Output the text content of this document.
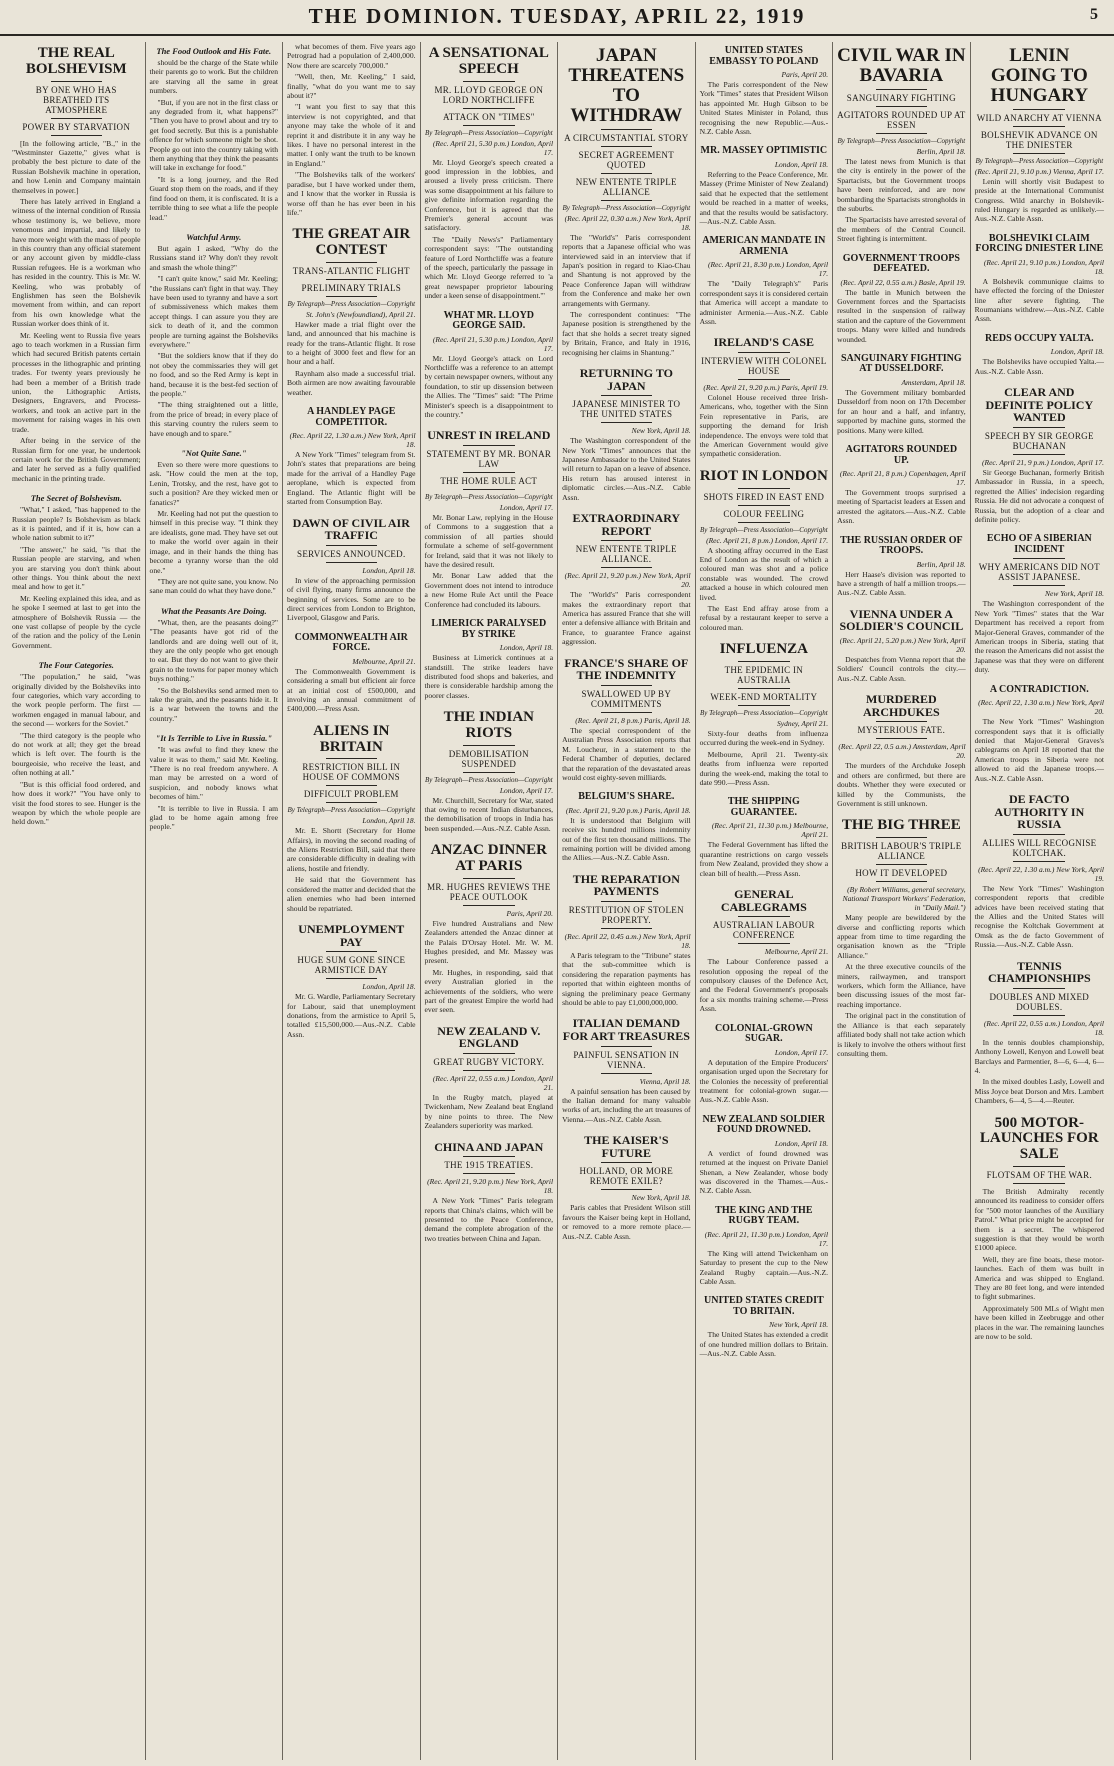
THE DOMINION. TUESDAY, APRIL 22, 1919	5
THE REAL BOLSHEVISM
BY ONE WHO HAS BREATHED ITS ATMOSPHERE
POWER BY STARVATION

[In the following article, "B.," in the "Westminster Gazette," gives what is probably the best picture to date of the Russian Bolshevik machine in operation, and how Lenin and Company maintain themselves in power.]

There has lately arrived in England a witness of the internal condition of Russia whose testimony is, we believe, more venomous and impartial, and likely to have more weight with the mass of people in this country than any official statement or any account given by middle-class Russian refugees. He is a workman who has resided in the country. This is Mr. W. Keeling, who was probably of Englishmen has seen the Bolshevik movement from within, and can report from his own knowledge what the Russian worker does think of it.

Mr. Keeling went to Russia five years ago to teach workmen in a Russian firm which had secured British patents certain processes in the lithographic and printing trades. For twenty years previously he had been a member of a British trade union, the Lithographic Artists, Designers, Engravers, and Process-workers, and took an active part in the movement for raising wages in his own trade.

After being in the service of the Russian firm for one year, he undertook certain work for the British Government; and later he served as a fully qualified mechanic in the printing trade.

The Secret of Bolshevism.

"What," I asked, "has happened to the Russian people? Is Bolshevism as black as it is painted, and if it is, how can a whole nation submit to it?"

"The answer," he said, "is that the Russian people are starving, and when you are starving you don't think about other things. You think about the next meal and how to get it."

Mr. Keeling explained this idea, and as he spoke I seemed at last to get into the atmosphere of Bolshevik Russia — the one vast collapse of people by the cycle of the ration and the policy of the Lenin Government.

The Four Categories.

"The population," he said, "was originally divided by the Bolsheviks into four categories, which vary according to the work people perform. The first — workmen engaged in manual labour, and the second — workers for the Soviet."

"The third category is the people who do not work at all; they get the bread which is left over. The fourth is the bourgeoisie, who receive the least, and often nothing at all."

"But is this official food ordered, and how does it work?" "You have only to visit the food stores to see. Hunger is the weapon by which the whole people are held down."

The Food Outlook and His Fate.

should be the charge of the State while their parents go to work. But the children are starving all the same in great numbers.

"But, if you are not in the first class or any degraded from it, what happens?" "Then you have to prowl about and try to get food secretly. But this is a punishable offence for which someone might be shot. People go out into the country taking with them anything that they think the peasants will take in exchange for food."

"It is a long journey, and the Red Guard stop them on the roads, and if they find food on them, it is confiscated. It is a terrible thing to see what a life the people lead."

Watchful Army.

But again I asked, "Why do the Russians stand it? Why don't they revolt and smash the whole thing?"

"I can't quite know," said Mr. Keeling; "the Russians can't fight in that way. They have been used to tyranny and have a sort of submissiveness which makes them accept things. I can assure you they are sick to death of it, and the common people are turning against the Bolsheviks everywhere."

"But the soldiers know that if they do not obey the commissaries they will get no food, and so the Red Army is kept in hand, because it is the best-fed section of the people."

"The thing straightened out a little, from the price of bread; in every place of this starving country the rulers seem to have enough and to spare."

"Not Quite Sane."

Even so there were more questions to ask. "How could the men at the top, Lenin, Trotsky, and the rest, have got to such a position? Are they wicked men or fanatics?"

Mr. Keeling had not put the question to himself in this precise way. "I think they are idealists, gone mad. They have set out to make the world over again in their image, and in their hands the thing has become a tyranny worse than the old one."

"They are not quite sane, you know. No sane man could do what they have done."

What the Peasants Are Doing.

"What, then, are the peasants doing?" "The peasants have got rid of the landlords and are doing well out of it, they are the only people who get enough to eat. But they do not want to give their grain to the towns for paper money which buys nothing."

"So the Bolsheviks send armed men to take the grain, and the peasants hide it. It is a war between the towns and the country."

"It Is Terrible to Live in Russia."

"It was awful to find they knew the value it was to them," said Mr. Keeling. "There is no real freedom anywhere. A man may be arrested on a word of suspicion, and nobody knows what becomes of him."

"It is terrible to live in Russia. I am glad to be home again among free people."

what becomes of them. Five years ago Petrograd had a population of 2,400,000. Now there are scarcely 700,000."

"Well, then, Mr. Keeling," I said, finally, "what do you want me to say about it?"

"I want you first to say that this interview is not copyrighted, and that anyone may take the whole of it and reprint it and distribute it in any way he likes. I have no personal interest in the matter. I only want the truth to be known in England."

"The Bolsheviks talk of the workers' paradise, but I have worked under them, and I know that the worker in Russia is worse off than he has ever been in his life."

THE GREAT AIR CONTEST
TRANS-ATLANTIC FLIGHT
PRELIMINARY TRIALS
By Telegraph—Press Association—Copyright
St. John's (Newfoundland), April 21.

Hawker made a trial flight over the land, and announced that his machine is ready for the trans-Atlantic flight. It rose to a height of 3000 feet and flew for an hour and a half.

Raynham also made a successful trial. Both airmen are now awaiting favourable weather.

A HANDLEY PAGE COMPETITOR.
(Rec. April 22, 1.30 a.m.) New York, April 18.

A New York "Times" telegram from St. John's states that preparations are being made for the arrival of a Handley Page aeroplane, which is expected from England. The Atlantic flight will be started from Consumption Bay.

DAWN OF CIVIL AIR TRAFFIC
SERVICES ANNOUNCED.
London, April 18.

In view of the approaching permission of civil flying, many firms announce the beginning of services. Some are to be direct services from London to Brighton, Liverpool, Glasgow and Paris.

COMMONWEALTH AIR FORCE.
Melbourne, April 21.

The Commonwealth Government is considering a small but efficient air force at an initial cost of £500,000, and involving an annual commitment of £400,000.—Press Assn.

ALIENS IN BRITAIN
RESTRICTION BILL IN HOUSE OF COMMONS
DIFFICULT PROBLEM
By Telegraph—Press Association—Copyright
London, April 18.

Mr. E. Shortt (Secretary for Home Affairs), in moving the second reading of the Aliens Restriction Bill, said that there are considerable difficulty in dealing with aliens, hostile and friendly.

He said that the Government has considered the matter and decided that the alien enemies who had been interned should be repatriated.

UNEMPLOYMENT PAY
HUGE SUM GONE SINCE ARMISTICE DAY
London, April 18.

Mr. G. Wardle, Parliamentary Secretary for Labour, said that unemployment donations, from the armistice to April 5, totalled £15,500,000.—Aus.-N.Z. Cable Assn.

A SENSATIONAL SPEECH
MR. LLOYD GEORGE ON LORD NORTHCLIFFE
ATTACK ON "TIMES"
By Telegraph—Press Association—Copyright
(Rec. April 21, 5.30 p.m.) London, April 17.

Mr. Lloyd George's speech created a good impression in the lobbies, and aroused a lively press criticism. There was some disappointment at his failure to give definite information regarding the Conference, but it is agreed that the Premier's general account was satisfactory.

The "Daily News's" Parliamentary correspondent says: "The outstanding feature of Lord Northcliffe was a feature of the speech, particularly the passage in which Mr. Lloyd George referred to 'a great newspaper proprietor labouring under a keen sense of disappointment.'"

WHAT MR. LLOYD GEORGE SAID.
(Rec. April 21, 5.30 p.m.) London, April 17.

Mr. Lloyd George's attack on Lord Northcliffe was a reference to an attempt by certain newspaper owners, without any foundation, to stir up dissension between the Allies. The "Times" said: "The Prime Minister's speech is a disappointment to the country."

UNREST IN IRELAND
STATEMENT BY MR. BONAR LAW
THE HOME RULE ACT
By Telegraph—Press Association—Copyright
London, April 17.

Mr. Bonar Law, replying in the House of Commons to a suggestion that a commission of all parties should formulate a scheme of self-government for Ireland, said that it was not likely to have the desired result.

Mr. Bonar Law added that the Government does not intend to introduce a new Home Rule Act until the Peace Conference had concluded its labours.

LIMERICK PARALYSED BY STRIKE
London, April 18.

Business at Limerick continues at a standstill. The strike leaders have distributed food shops and bakeries, and there is considerable hardship among the poorer classes.

THE INDIAN RIOTS
DEMOBILISATION SUSPENDED
By Telegraph—Press Association—Copyright
London, April 17.

Mr. Churchill, Secretary for War, stated that owing to recent Indian disturbances, the demobilisation of troops in India has been suspended.—Aus.-N.Z. Cable Assn.

ANZAC DINNER AT PARIS
MR. HUGHES REVIEWS THE PEACE OUTLOOK
Paris, April 20.

Five hundred Australians and New Zealanders attended the Anzac dinner at the Palais D'Orsay Hotel. Mr. W. M. Hughes presided, and Mr. Massey was present.

Mr. Hughes, in responding, said that every Australian gloried in the achievements of the soldiers, who were part of the greatest Empire the world had ever seen.

NEW ZEALAND V. ENGLAND
GREAT RUGBY VICTORY.
(Rec. April 22, 0.55 a.m.) London, April 21.

In the Rugby match, played at Twickenham, New Zealand beat England by nine points to three. The New Zealanders superiority was marked.

CHINA AND JAPAN
THE 1915 TREATIES.
(Rec. April 21, 9.20 p.m.) New York, April 18.

A New York "Times" Paris telegram reports that China's claims, which will be presented to the Peace Conference, demand the complete abrogation of the two treaties between China and Japan.

JAPAN THREATENS TO WITHDRAW
A CIRCUMSTANTIAL STORY
SECRET AGREEMENT QUOTED
NEW ENTENTE TRIPLE ALLIANCE
By Telegraph—Press Association—Copyright
(Rec. April 22, 0.30 a.m.) New York, April 18.

The "World's" Paris correspondent reports that a Japanese official who was interviewed said in an interview that if Japan's position in regard to Kiao-Chau and Shantung is not approved by the Peace Conference Japan will withdraw from the Conference and make her own arrangements with Germany.

The correspondent continues: "The Japanese position is strengthened by the fact that she holds a secret treaty signed by Britain, France, and Italy in 1916, recognising her claims in Shantung."

RETURNING TO JAPAN
JAPANESE MINISTER TO THE UNITED STATES
New York, April 18.

The Washington correspondent of the New York "Times" announces that the Japanese Ambassador to the United States will return to Japan on a leave of absence. His return has aroused interest in diplomatic circles.—Aus.-N.Z. Cable Assn.

EXTRAORDINARY REPORT
NEW ENTENTE TRIPLE ALLIANCE.
(Rec. April 21, 9.20 p.m.) New York, April 20.

The "World's" Paris correspondent makes the extraordinary report that America has assured France that she will enter a defensive alliance with Britain and France, to guarantee France against aggression.

FRANCE'S SHARE OF THE INDEMNITY
SWALLOWED UP BY COMMITMENTS
(Rec. April 21, 8 p.m.) Paris, April 18.

The special correspondent of the Australian Press Association reports that M. Loucheur, in a statement to the Federal Chamber of deputies, declared that the reparation of the devastated areas would cost eighty-seven milliards.

BELGIUM'S SHARE.
(Rec. April 21, 9.20 p.m.) Paris, April 18.

It is understood that Belgium will receive six hundred millions indemnity out of the first ten thousand millions. The remaining portion will be divided among the Allies.—Aus.-N.Z. Cable Assn.

THE REPARATION PAYMENTS
RESTITUTION OF STOLEN PROPERTY.
(Rec. April 22, 0.45 a.m.) New York, April 18.

A Paris telegram to the "Tribune" states that the sub-committee which is considering the reparation payments has reported that within eighteen months of signing the preliminary peace Germany should be able to pay £1,000,000,000.

ITALIAN DEMAND FOR ART TREASURES
PAINFUL SENSATION IN VIENNA.
Vienna, April 18.

A painful sensation has been caused by the Italian demand for many valuable works of art, including the art treasures of Vienna.—Aus.-N.Z. Cable Assn.

THE KAISER'S FUTURE
HOLLAND, OR MORE REMOTE EXILE?
New York, April 18.

Paris cables that President Wilson still favours the Kaiser being kept in Holland, or removed to a more remote place.—Aus.-N.Z. Cable Assn.

UNITED STATES EMBASSY TO POLAND
Paris, April 20.

The Paris correspondent of the New York "Times" states that President Wilson has appointed Mr. Hugh Gibson to be United States Minister in Poland, thus recognising the new Republic.—Aus.-N.Z. Cable Assn.

MR. MASSEY OPTIMISTIC
London, April 18.

Referring to the Peace Conference, Mr. Massey (Prime Minister of New Zealand) said that he expected that the settlement would be reached in a matter of weeks, and that the results would be satisfactory.—Aus.-N.Z. Cable Assn.

AMERICAN MANDATE IN ARMENIA
(Rec. April 21, 8.30 p.m.) London, April 17.

The "Daily Telegraph's" Paris correspondent says it is considered certain that America will accept a mandate to administer Armenia.—Aus.-N.Z. Cable Assn.

IRELAND'S CASE
INTERVIEW WITH COLONEL HOUSE
(Rec. April 21, 9.20 p.m.) Paris, April 19.

Colonel House received three Irish-Americans, who, together with the Sinn Fein representative in Paris, are supporting the demand for Irish independence. The envoys were told that the American Government would give sympathetic consideration.

RIOT IN LONDON
SHOTS FIRED IN EAST END
COLOUR FEELING
By Telegraph—Press Association—Copyright
(Rec. April 21, 8 p.m.) London, April 17.

A shooting affray occurred in the East End of London as the result of which a coloured man was shot and a police constable was wounded. The crowd attacked a house in which coloured men lived.

The East End affray arose from a refusal by a restaurant keeper to serve a coloured man.

INFLUENZA
THE EPIDEMIC IN AUSTRALIA
WEEK-END MORTALITY
By Telegraph—Press Association—Copyright
Sydney, April 21.

Sixty-four deaths from influenza occurred during the week-end in Sydney.

Melbourne, April 21. Twenty-six deaths from influenza were reported during the week-end, making the total to date 990.—Press Assn.

THE SHIPPING GUARANTEE.
(Rec. April 21, 11.30 p.m.) Melbourne, April 21.

The Federal Government has lifted the quarantine restrictions on cargo vessels from New Zealand, provided they show a clean bill of health.—Press Assn.

GENERAL CABLEGRAMS
AUSTRALIAN LABOUR CONFERENCE
Melbourne, April 21.

The Labour Conference passed a resolution opposing the repeal of the compulsory clauses of the Defence Act, and the Federal Government's proposals for a six months training scheme.—Press Assn.

COLONIAL-GROWN SUGAR.
London, April 17.

A deputation of the Empire Producers' organisation urged upon the Secretary for the Colonies the necessity of preferential treatment for colonial-grown sugar.—Aus.-N.Z. Cable Assn.

NEW ZEALAND SOLDIER FOUND DROWNED.
London, April 18.

A verdict of found drowned was returned at the inquest on Private Daniel Shenan, a New Zealander, whose body was discovered in the Thames.—Aus.-N.Z. Cable Assn.

THE KING AND THE RUGBY TEAM.
(Rec. April 21, 11.30 p.m.) London, April 17.

The King will attend Twickenham on Saturday to present the cup to the New Zealand Rugby captain.—Aus.-N.Z. Cable Assn.

UNITED STATES CREDIT TO BRITAIN.
New York, April 18.

The United States has extended a credit of one hundred million dollars to Britain.—Aus.-N.Z. Cable Assn.

CIVIL WAR IN BAVARIA
SANGUINARY FIGHTING
AGITATORS ROUNDED UP AT ESSEN
By Telegraph—Press Association—Copyright
Berlin, April 18.

The latest news from Munich is that the city is entirely in the power of the Spartacists, but the Government troops have been reinforced, and are now bombarding the Spartacists strongholds in the suburbs.

The Spartacists have arrested several of the members of the Central Council. Street fighting is intermittent.

GOVERNMENT TROOPS DEFEATED.
(Rec. April 22, 0.55 a.m.) Basle, April 19.

The battle in Munich between the Government forces and the Spartacists resulted in the suspension of railway station and the capture of the Government troops. Many were killed and hundreds wounded.

SANGUINARY FIGHTING AT DUSSELDORF.
Amsterdam, April 18.

The Government military bombarded Dusseldorf from noon on 17th December for an hour and a half, and infantry, supported by machine guns, stormed the positions. Many were killed.

AGITATORS ROUNDED UP.
(Rec. April 21, 8 p.m.) Copenhagen, April 17.

The Government troops surprised a meeting of Spartacist leaders at Essen and arrested the agitators.—Aus.-N.Z. Cable Assn.

THE RUSSIAN ORDER OF TROOPS.
Berlin, April 18.

Herr Haase's division was reported to have a strength of half a million troops.—Aus.-N.Z. Cable Assn.

VIENNA UNDER A SOLDIER'S COUNCIL
(Rec. April 21, 5.20 p.m.) New York, April 20.

Despatches from Vienna report that the Soldiers' Council controls the city.—Aus.-N.Z. Cable Assn.

MURDERED ARCHDUKES
MYSTERIOUS FATE.
(Rec. April 22, 0.5 a.m.) Amsterdam, April 20.

The murders of the Archduke Joseph and others are confirmed, but there are doubts. Whether they were executed or killed by the Communists, the Government is still unknown.

THE BIG THREE
BRITISH LABOUR'S TRIPLE ALLIANCE
HOW IT DEVELOPED
(By Robert Williams, general secretary, National Transport Workers' Federation, in "Daily Mail.")

Many people are bewildered by the diverse and conflicting reports which appear from time to time regarding the organisation known as the "Triple Alliance."

At the three executive councils of the miners, railwaymen, and transport workers, which form the Alliance, have been discussing issues of the most far-reaching importance.

The original pact in the constitution of the Alliance is that each separately affiliated body shall not take action which is likely to involve the others without first consulting them.

LENIN GOING TO HUNGARY
WILD ANARCHY AT VIENNA
BOLSHEVIK ADVANCE ON THE DNIESTER
By Telegraph—Press Association—Copyright
(Rec. April 21, 9.10 p.m.) Vienna, April 17.

Lenin will shortly visit Budapest to preside at the International Communist Congress. Wild anarchy in Bolshevik-ruled Hungary is regarded as unlikely.—Aus.-N.Z. Cable Assn.

BOLSHEVIKI CLAIM FORCING DNIESTER LINE
(Rec. April 21, 9.10 p.m.) London, April 18.

A Bolshevik communique claims to have effected the forcing of the Dniester line after severe fighting. The Roumanians withdrew.—Aus.-N.Z. Cable Assn.

REDS OCCUPY YALTA.
London, April 18.

The Bolsheviks have occupied Yalta.—Aus.-N.Z. Cable Assn.

CLEAR AND DEFINITE POLICY WANTED
SPEECH BY SIR GEORGE BUCHANAN
(Rec. April 21, 9 p.m.) London, April 17.

Sir George Buchanan, formerly British Ambassador in Russia, in a speech, regretted the Allies' indecision regarding Russia. He did not advocate a conquest of Russia, but the adoption of a clear and definite policy.

ECHO OF A SIBERIAN INCIDENT
WHY AMERICANS DID NOT ASSIST JAPANESE.
New York, April 18.

The Washington correspondent of the New York "Times" states that the War Department has received a report from Major-General Graves, commander of the American troops in Siberia, stating that the reason the Americans did not assist the Japanese was that they were on different duty.

A CONTRADICTION.
(Rec. April 22, 1.30 a.m.) New York, April 20.

The New York "Times" Washington correspondent says that it is officially denied that Major-General Graves's cablegrams on April 18 reported that the American troops in Siberia were not allowed to aid the Japanese troops.—Aus.-N.Z. Cable Assn.

DE FACTO AUTHORITY IN RUSSIA
ALLIES WILL RECOGNISE KOLTCHAK.
(Rec. April 22, 1.30 a.m.) New York, April 19.

The New York "Times" Washington correspondent reports that credible advices have been received stating that the Allies and the United States will recognise the Koltchak Government at Omsk as the de facto Government of Russia.—Aus.-N.Z. Cable Assn.

TENNIS CHAMPIONSHIPS
DOUBLES AND MIXED DOUBLES.
(Rec. April 22, 0.55 a.m.) London, April 18.

In the tennis doubles championship, Anthony Lowell, Kenyon and Lowell beat Barclays and Parmentier, 8—6, 6—4, 6—4.

In the mixed doubles Lasly, Lowell and Miss Joyce beat Dorson and Mrs. Lambert Chambers, 6—4, 5—4.—Reuter.

500 MOTOR-LAUNCHES FOR SALE
FLOTSAM OF THE WAR.

The British Admiralty recently announced its readiness to consider offers for "500 motor launches of the Auxiliary Patrol." What price might be accepted for them is a secret. The whispered suggestion is that they would be worth £1000 apiece.

Well, they are fine boats, these motor-launches. Each of them was built in America and was shipped to England. They are 80 feet long, and were intended to fight submarines.

Approximately 500 MLs of Wight men have been killed in Zeebrugge and other places in the war. The remaining launches are now to be sold.
